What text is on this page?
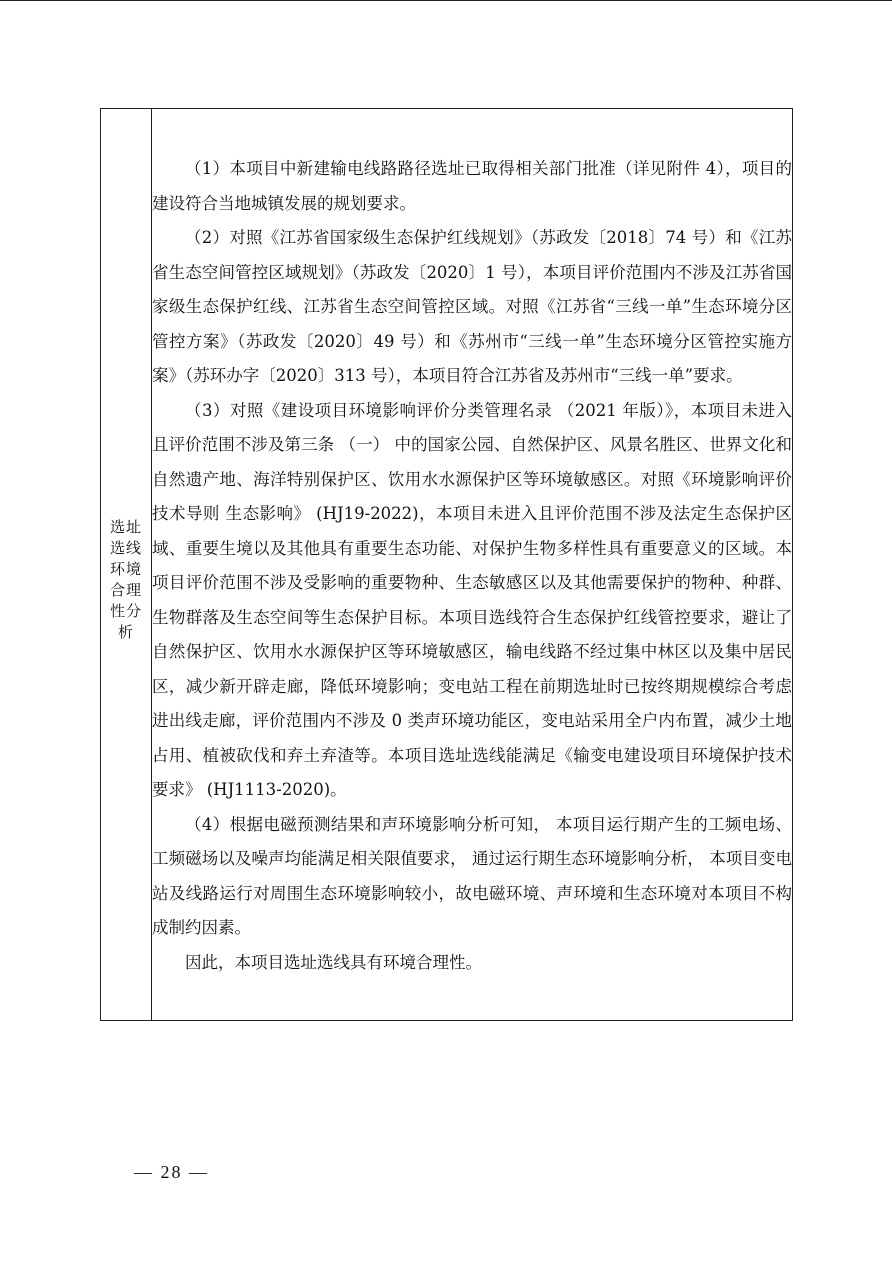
选址
选线
环境
合理
性分
析

（1）本项目中新建输电线路路径选址已取得相关部门批准（详见附件 4），项目的建设符合当地城镇发展的规划要求。

（2）对照《江苏省国家级生态保护红线规划》（苏政发〔2018〕74 号）和《江苏省生态空间管控区域规划》（苏政发〔2020〕1 号），本项目评价范围内不涉及江苏省国家级生态保护红线、江苏省生态空间管控区域。对照《江苏省“三线一单”生态环境分区管控方案》（苏政发〔2020〕49 号）和《苏州市“三线一单”生态环境分区管控实施方案》（苏环办字〔2020〕313 号），本项目符合江苏省及苏州市“三线一单”要求。

（3）对照《建设项目环境影响评价分类管理名录 （2021 年版）》，本项目未进入且评价范围不涉及第三条 （一） 中的国家公园、自然保护区、风景名胜区、世界文化和自然遗产地、海洋特别保护区、饮用水水源保护区等环境敏感区。对照《环境影响评价技术导则 生态影响》 (HJ19-2022)，本项目未进入且评价范围不涉及法定生态保护区域、重要生境以及其他具有重要生态功能、对保护生物多样性具有重要意义的区域。本项目评价范围不涉及受影响的重要物种、生态敏感区以及其他需要保护的物种、种群、生物群落及生态空间等生态保护目标。本项目选线符合生态保护红线管控要求，避让了自然保护区、饮用水水源保护区等环境敏感区，输电线路不经过集中林区以及集中居民区，减少新开辟走廊，降低环境影响；变电站工程在前期选址时已按终期规模综合考虑进出线走廊，评价范围内不涉及 0 类声环境功能区，变电站采用全户内布置，减少土地占用、植被砍伐和弃土弃渣等。本项目选址选线能满足《输变电建设项目环境保护技术要求》 (HJ1113-2020)。

（4）根据电磁预测结果和声环境影响分析可知， 本项目运行期产生的工频电场、 工频磁场以及噪声均能满足相关限值要求， 通过运行期生态环境影响分析， 本项目变电站及线路运行对周围生态环境影响较小，故电磁环境、声环境和生态环境对本项目不构成制约因素。

因此，本项目选址选线具有环境合理性。

— 28 —
